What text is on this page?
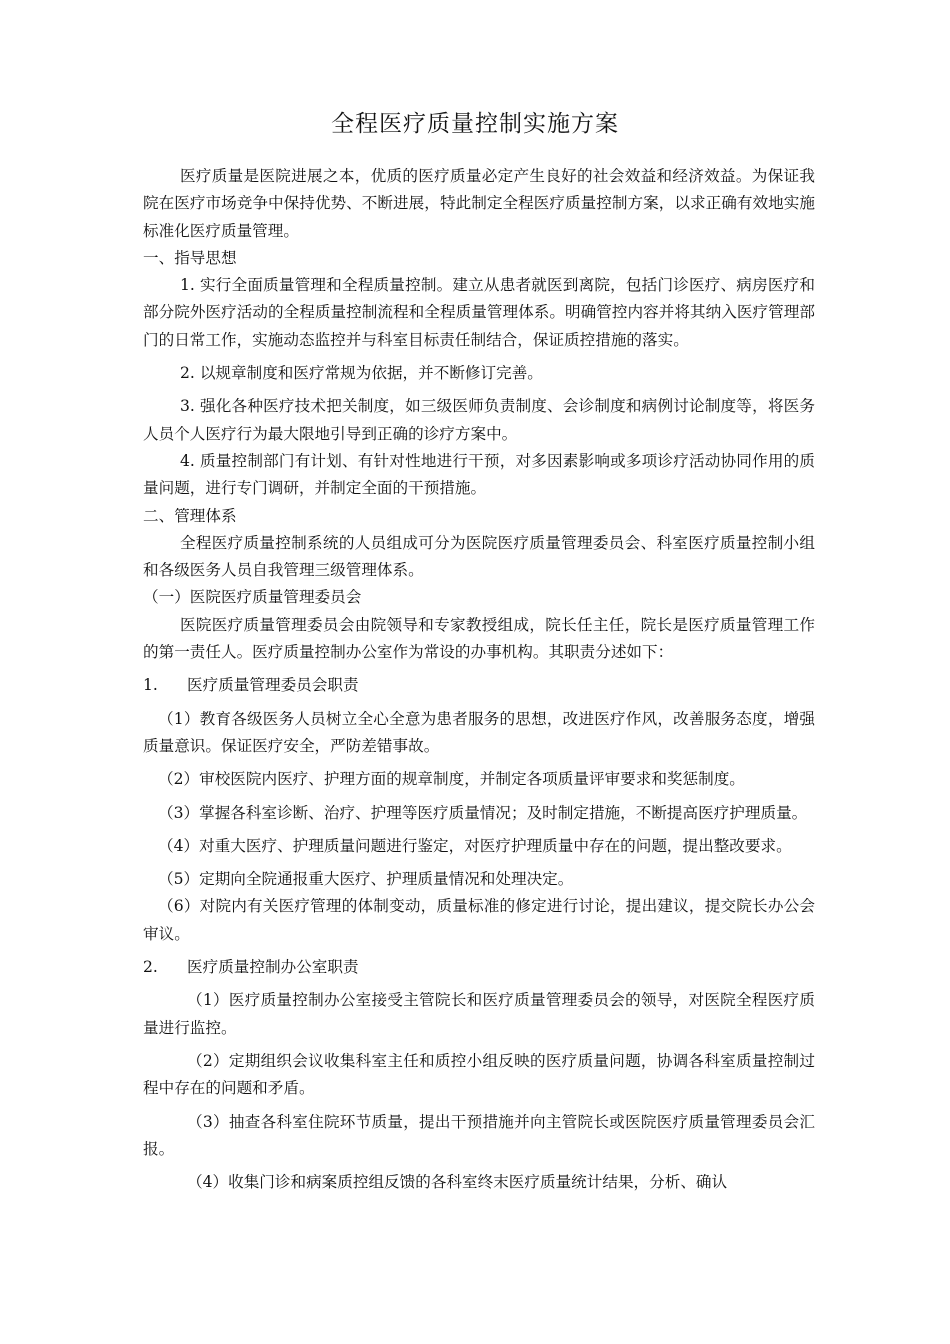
全程医疗质量控制实施方案

医疗质量是医院进展之本，优质的医疗质量必定产生良好的社会效益和经济效益。为保证我院在医疗市场竞争中保持优势、不断进展，特此制定全程医疗质量控制方案，以求正确有效地实施标准化医疗质量管理。

一、指导思想

1. 实行全面质量管理和全程质量控制。建立从患者就医到离院，包括门诊医疗、病房医疗和部分院外医疗活动的全程质量控制流程和全程质量管理体系。明确管控内容并将其纳入医疗管理部门的日常工作，实施动态监控并与科室目标责任制结合，保证质控措施的落实。

2. 以规章制度和医疗常规为依据，并不断修订完善。

3. 强化各种医疗技术把关制度，如三级医师负责制度、会诊制度和病例讨论制度等，将医务人员个人医疗行为最大限地引导到正确的诊疗方案中。

4. 质量控制部门有计划、有针对性地进行干预，对多因素影响或多项诊疗活动协同作用的质量问题，进行专门调研，并制定全面的干预措施。

二、管理体系

全程医疗质量控制系统的人员组成可分为医院医疗质量管理委员会、科室医疗质量控制小组和各级医务人员自我管理三级管理体系。

（一）医院医疗质量管理委员会

医院医疗质量管理委员会由院领导和专家教授组成，院长任主任，院长是医疗质量管理工作的第一责任人。医疗质量控制办公室作为常设的办事机构。其职责分述如下：

1. 医疗质量管理委员会职责

（1）教育各级医务人员树立全心全意为患者服务的思想，改进医疗作风，改善服务态度，增强质量意识。保证医疗安全，严防差错事故。

（2）审校医院内医疗、护理方面的规章制度，并制定各项质量评审要求和奖惩制度。

（3）掌握各科室诊断、治疗、护理等医疗质量情况；及时制定措施，不断提高医疗护理质量。

（4）对重大医疗、护理质量问题进行鉴定，对医疗护理质量中存在的问题，提出整改要求。

（5）定期向全院通报重大医疗、护理质量情况和处理决定。

（6）对院内有关医疗管理的体制变动，质量标准的修定进行讨论，提出建议，提交院长办公会审议。

2. 医疗质量控制办公室职责

（1）医疗质量控制办公室接受主管院长和医疗质量管理委员会的领导，对医院全程医疗质量进行监控。

（2）定期组织会议收集科室主任和质控小组反映的医疗质量问题，协调各科室质量控制过程中存在的问题和矛盾。

（3）抽查各科室住院环节质量，提出干预措施并向主管院长或医院医疗质量管理委员会汇报。

（4）收集门诊和病案质控组反馈的各科室终末医疗质量统计结果，分析、确认
